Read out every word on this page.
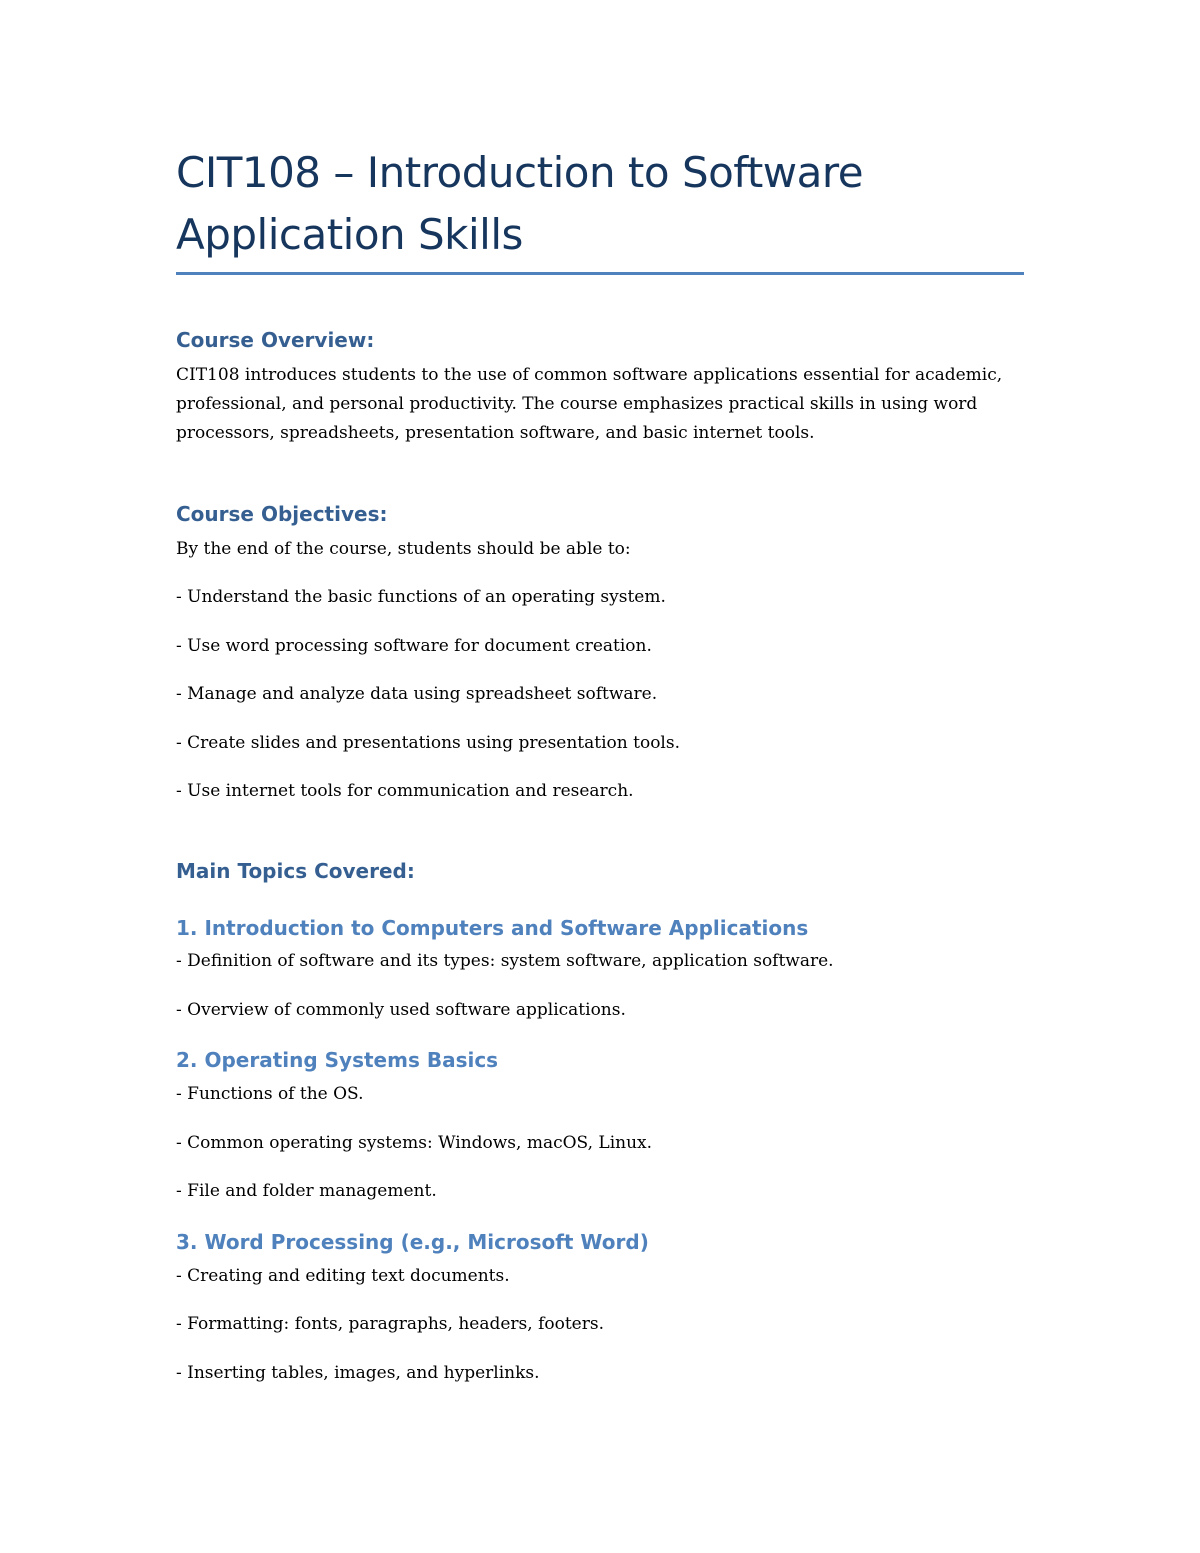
CIT108 – Introduction to Software Application Skills
Course Overview:

CIT108 introduces students to the use of common software applications essential for academic, professional, and personal productivity. The course emphasizes practical skills in using word processors, spreadsheets, presentation software, and basic internet tools.

Course Objectives:

By the end of the course, students should be able to:

- Understand the basic functions of an operating system.

- Use word processing software for document creation.

- Manage and analyze data using spreadsheet software.

- Create slides and presentations using presentation tools.

- Use internet tools for communication and research.

Main Topics Covered:
1. Introduction to Computers and Software Applications

- Definition of software and its types: system software, application software.

- Overview of commonly used software applications.

2. Operating Systems Basics

- Functions of the OS.

- Common operating systems: Windows, macOS, Linux.

- File and folder management.

3. Word Processing (e.g., Microsoft Word)

- Creating and editing text documents.

- Formatting: fonts, paragraphs, headers, footers.

- Inserting tables, images, and hyperlinks.
